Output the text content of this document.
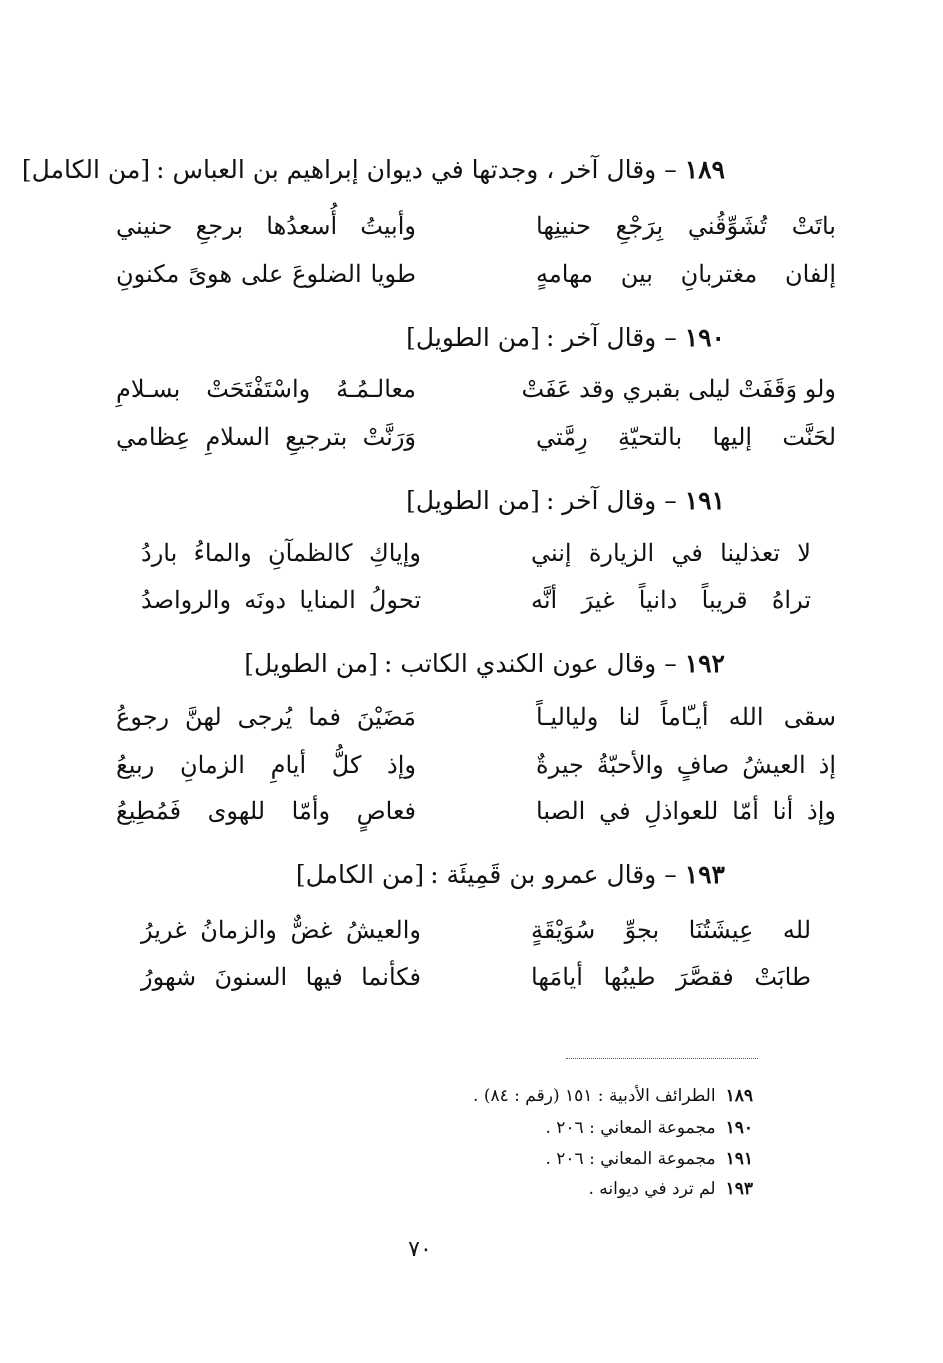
١٨٩– وقال آخر ، وجدتها في ديوان إبراهيم بن العباس :[من الكامل]
باتَتْ تُشَوِّقُني بِرَجْعِ حنينِها
وأبيتُ أُسعدُها برجعِ حنيني
إلفان مغتربانِ بين مهامهٍ
طويا الضلوعَ على هوىً مكنونِ
١٩٠– وقال آخر :[من الطويل]
ولو وَقَفَتْ ليلى بقبري وقد عَفَتْ
معالـمُـهُ واسْتَفْتَحَتْ بسـلامِ
لحَنَّت إليها بالتحيّةِ رِمَّتي
وَرَنَّتْ بترجيعِ السلامِ عِظامي
١٩١– وقال آخر :[من الطويل]
لا تعذلينا في الزيارة إنني
وإياكِ كالظمآنِ والماءُ باردُ
تراهُ قريباً دانياً غيرَ أنَّه
تحولُ المنايا دونَه والرواصدُ
١٩٢– وقال عون الكندي الكاتب :[من الطويل]
سقى الله أيـّاماً لنا ولياليـاً
مَضَيْنَ فما يُرجى لهنَّ رجوعُ
إذ العيشُ صافٍ والأحبّةُ جيرةٌ
وإذ كلُّ أيامِ الزمانِ ربيعُ
وإذ أنا أمّا للعواذلِ في الصبا
فعاصٍ وأمّا للهوى فَمُطِيعُ
١٩٣– وقال عمرو بن قَمِيئَة :[من الكامل]
لله عِيشَتُنَا بجوِّ سُوَيْقَةٍ
والعيشُ غضٌّ والزمانُ غريرُ
طابَتْ فقصَّرَ طيبُها أيامَها
فكأنما فيها السنونَ شهورُ
١٨٩الطرائف الأدبية : ١٥١ (رقم : ٨٤) .
١٩٠مجموعة المعاني : ٢٠٦ .
١٩١مجموعة المعاني : ٢٠٦ .
١٩٣لم ترد في ديوانه .
٧٠
